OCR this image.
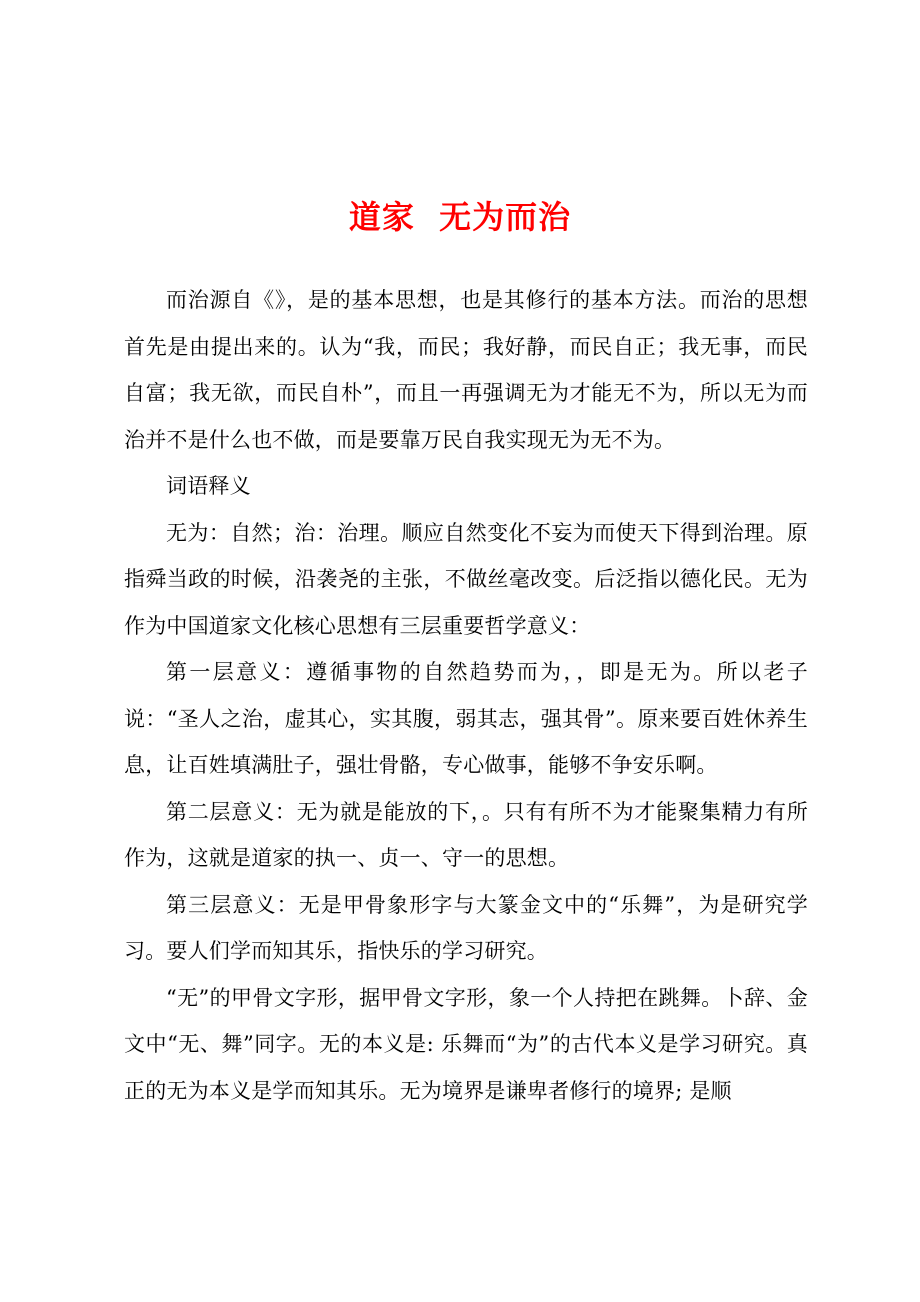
道家  无为而治

而治源自《》，是的基本思想，也是其修行的基本方法。而治的思想首先是由提出来的。认为“我，而民；我好静，而民自正；我无事，而民自富；我无欲，而民自朴”，而且一再强调无为才能无不为，所以无为而治并不是什么也不做，而是要靠万民自我实现无为无不为。

词语释义

无为：自然；治：治理。顺应自然变化不妄为而使天下得到治理。原指舜当政的时候，沿袭尧的主张，不做丝毫改变。后泛指以德化民。无为作为中国道家文化核心思想有三层重要哲学意义：

第一层意义：遵循事物的自然趋势而为，，即是无为。所以老子说：“圣人之治，虚其心，实其腹，弱其志，强其骨”。原来要百姓休养生息，让百姓填满肚子，强壮骨骼，专心做事，能够不争安乐啊。

第二层意义：无为就是能放的下，。只有有所不为才能聚集精力有所作为，这就是道家的执一、贞一、守一的思想。

第三层意义：无是甲骨象形字与大篆金文中的“乐舞”，为是研究学习。要人们学而知其乐，指快乐的学习研究。

“无”的甲骨文字形，据甲骨文字形，象一个人持把在跳舞。卜辞、金文中“无、舞”同字。无的本义是: 乐舞而“为”的古代本义是学习研究。真正的无为本义是学而知其乐。无为境界是谦卑者修行的境界; 是顺
